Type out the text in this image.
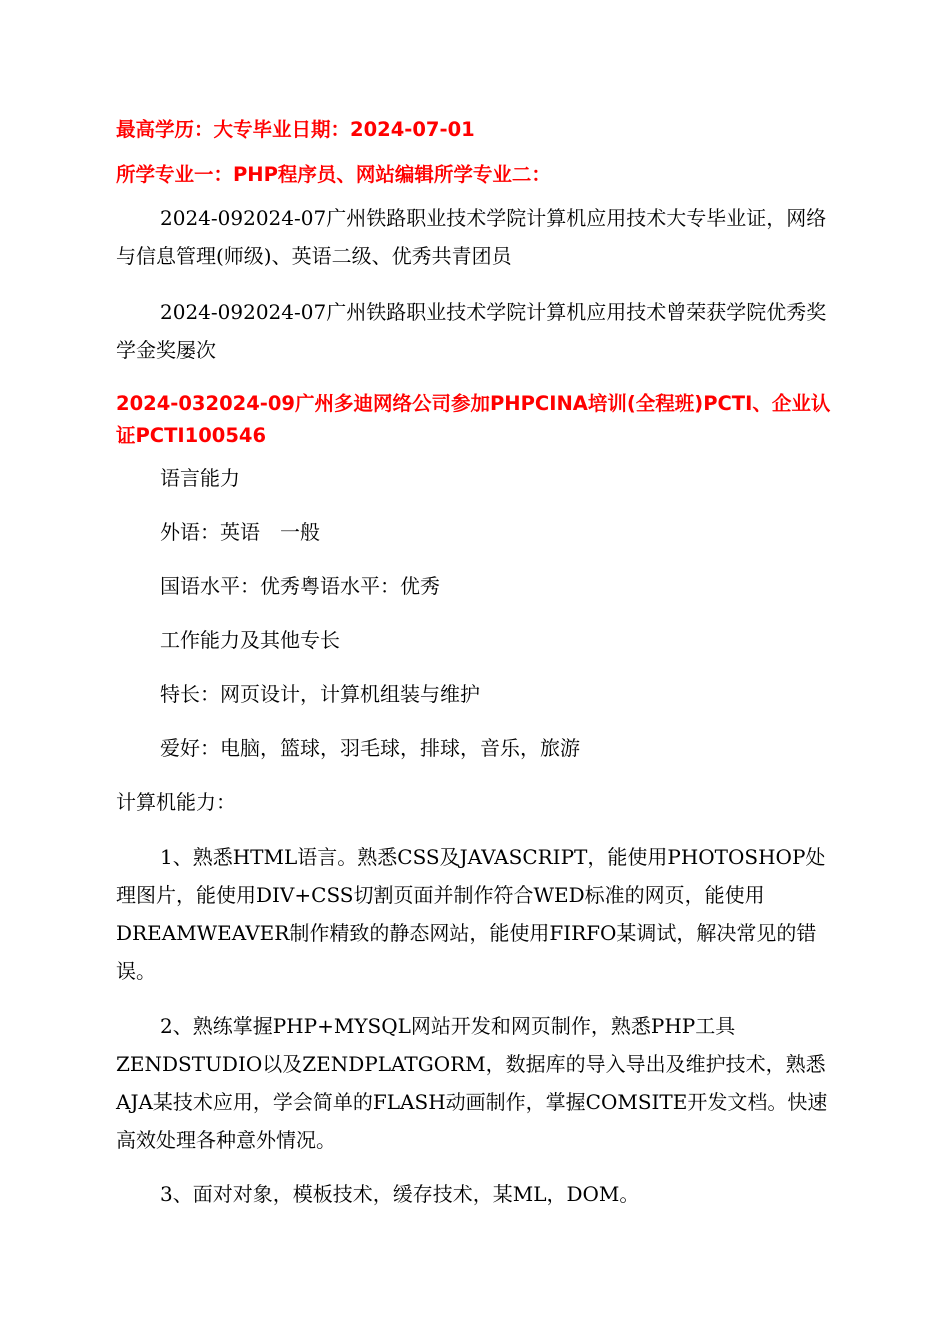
最高学历：大专毕业日期：2024-07-01
所学专业一：PHP程序员、网站编辑所学专业二：
2024-092024-07广州铁路职业技术学院计算机应用技术大专毕业证，网络与信息管理(师级)、英语二级、优秀共青团员
2024-092024-07广州铁路职业技术学院计算机应用技术曾荣获学院优秀奖学金奖屡次
2024-032024-09广州多迪网络公司参加PHPCINA培训(全程班)PCTI、企业认证PCTI100546
语言能力
外语：英语　一般
国语水平：优秀粤语水平：优秀
工作能力及其他专长
特长：网页设计，计算机组装与维护
爱好：电脑，篮球，羽毛球，排球，音乐，旅游
计算机能力：
1、熟悉HTML语言。熟悉CSS及JAVASCRIPT，能使用PHOTOSHOP处理图片，能使用DIV+CSS切割页面并制作符合WED标准的网页，能使用DREAMWEAVER制作精致的静态网站，能使用FIRFO某调试，解决常见的错误。
2、熟练掌握PHP+MYSQL网站开发和网页制作，熟悉PHP工具ZENDSTUDIO以及ZENDPLATGORM，数据库的导入导出及维护技术，熟悉AJA某技术应用，学会简单的FLASH动画制作，掌握COMSITE开发文档。快速高效处理各种意外情况。
3、面对对象，模板技术，缓存技术，某ML，DOM。
